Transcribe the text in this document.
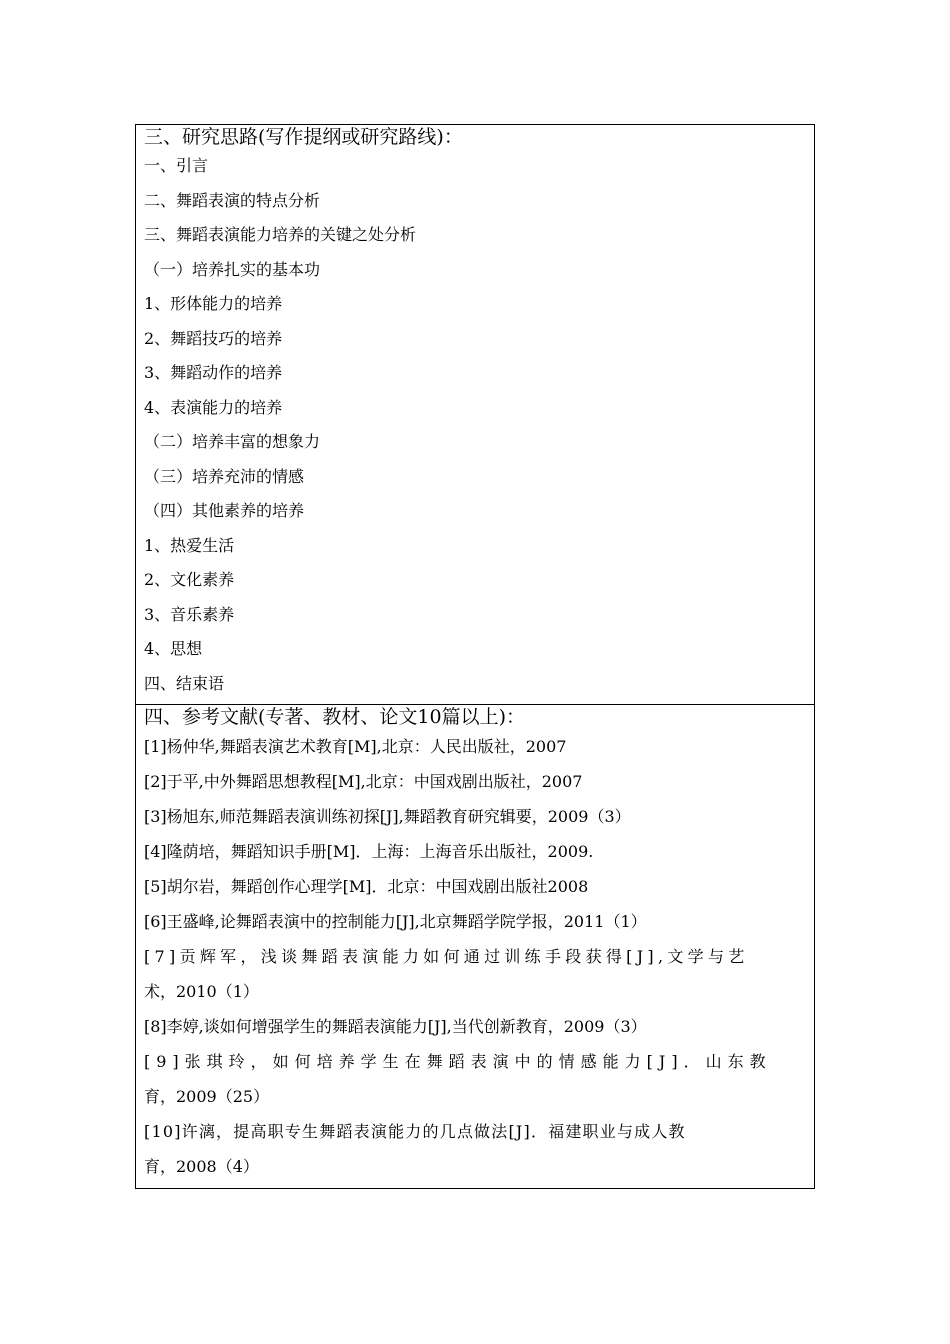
三、研究思路(写作提纲或研究路线)：
一、引言
二、舞蹈表演的特点分析
三、舞蹈表演能力培养的关键之处分析
（一）培养扎实的基本功
1、形体能力的培养
2、舞蹈技巧的培养
3、舞蹈动作的培养
4、表演能力的培养
（二）培养丰富的想象力
（三）培养充沛的情感
（四）其他素养的培养
1、热爱生活
2、文化素养
3、音乐素养
4、思想
四、结束语
四、参考文献(专著、教材、论文10篇以上)：
[1]杨仲华,舞蹈表演艺术教育[M],北京：人民出版社，2007
[2]于平,中外舞蹈思想教程[M],北京：中国戏剧出版社，2007
[3]杨旭东,师范舞蹈表演训练初探[J],舞蹈教育研究辑要，2009（3）
[4]隆荫培，舞蹈知识手册[M]．上海：上海音乐出版社，2009.
[5]胡尔岩，舞蹈创作心理学[M]．北京：中国戏剧出版社2008
[6]王盛峰,论舞蹈表演中的控制能力[J],北京舞蹈学院学报，2011（1）
[7]贡辉军，浅谈舞蹈表演能力如何通过训练手段获得[J],文学与艺
术，2010（1）
[8]李婷,谈如何增强学生的舞蹈表演能力[J],当代创新教育，2009（3）
[9]张琪玲，如何培养学生在舞蹈表演中的情感能力[J]．山东教
育，2009（25）
[10]许漓，提高职专生舞蹈表演能力的几点做法[J]．福建职业与成人教
育，2008（4）
